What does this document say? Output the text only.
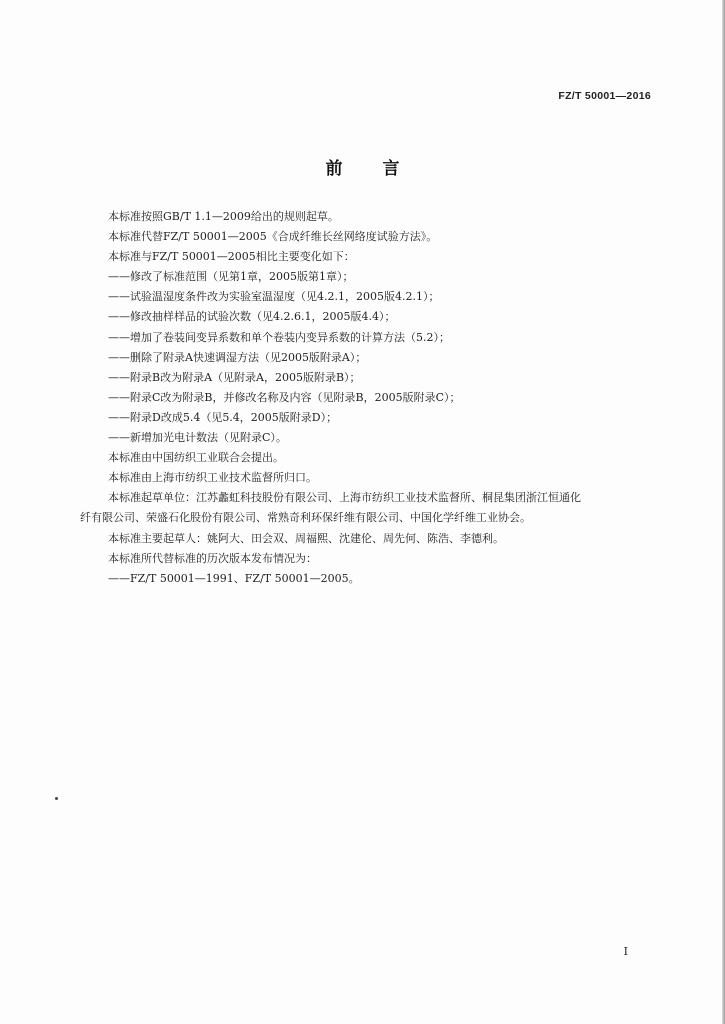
FZ/T 50001—2016
前言
本标准按照GB/T 1.1—2009给出的规则起草。
本标准代替FZ/T 50001—2005《合成纤维长丝网络度试验方法》。
本标准与FZ/T 50001—2005相比主要变化如下：
——修改了标准范围（见第1章，2005版第1章）；
——试验温湿度条件改为实验室温湿度（见4.2.1，2005版4.2.1）；
——修改抽样样品的试验次数（见4.2.6.1，2005版4.4）；
——增加了卷装间变异系数和单个卷装内变异系数的计算方法（5.2）；
——删除了附录A快速调湿方法（见2005版附录A）；
——附录B改为附录A（见附录A，2005版附录B）；
——附录C改为附录B，并修改名称及内容（见附录B，2005版附录C）；
——附录D改成5.4（见5.4，2005版附录D）；
——新增加光电计数法（见附录C）。
本标准由中国纺织工业联合会提出。
本标准由上海市纺织工业技术监督所归口。
本标准起草单位：江苏蠡虹科技股份有限公司、上海市纺织工业技术监督所、桐昆集团浙江恒通化
纤有限公司、荣盛石化股份有限公司、常熟奇利环保纤维有限公司、中国化学纤维工业协会。
本标准主要起草人：姚阿大、田会双、周福熙、沈建伦、周先何、陈浩、李德利。
本标准所代替标准的历次版本发布情况为：
——FZ/T 50001—1991、FZ/T 50001—2005。
I
